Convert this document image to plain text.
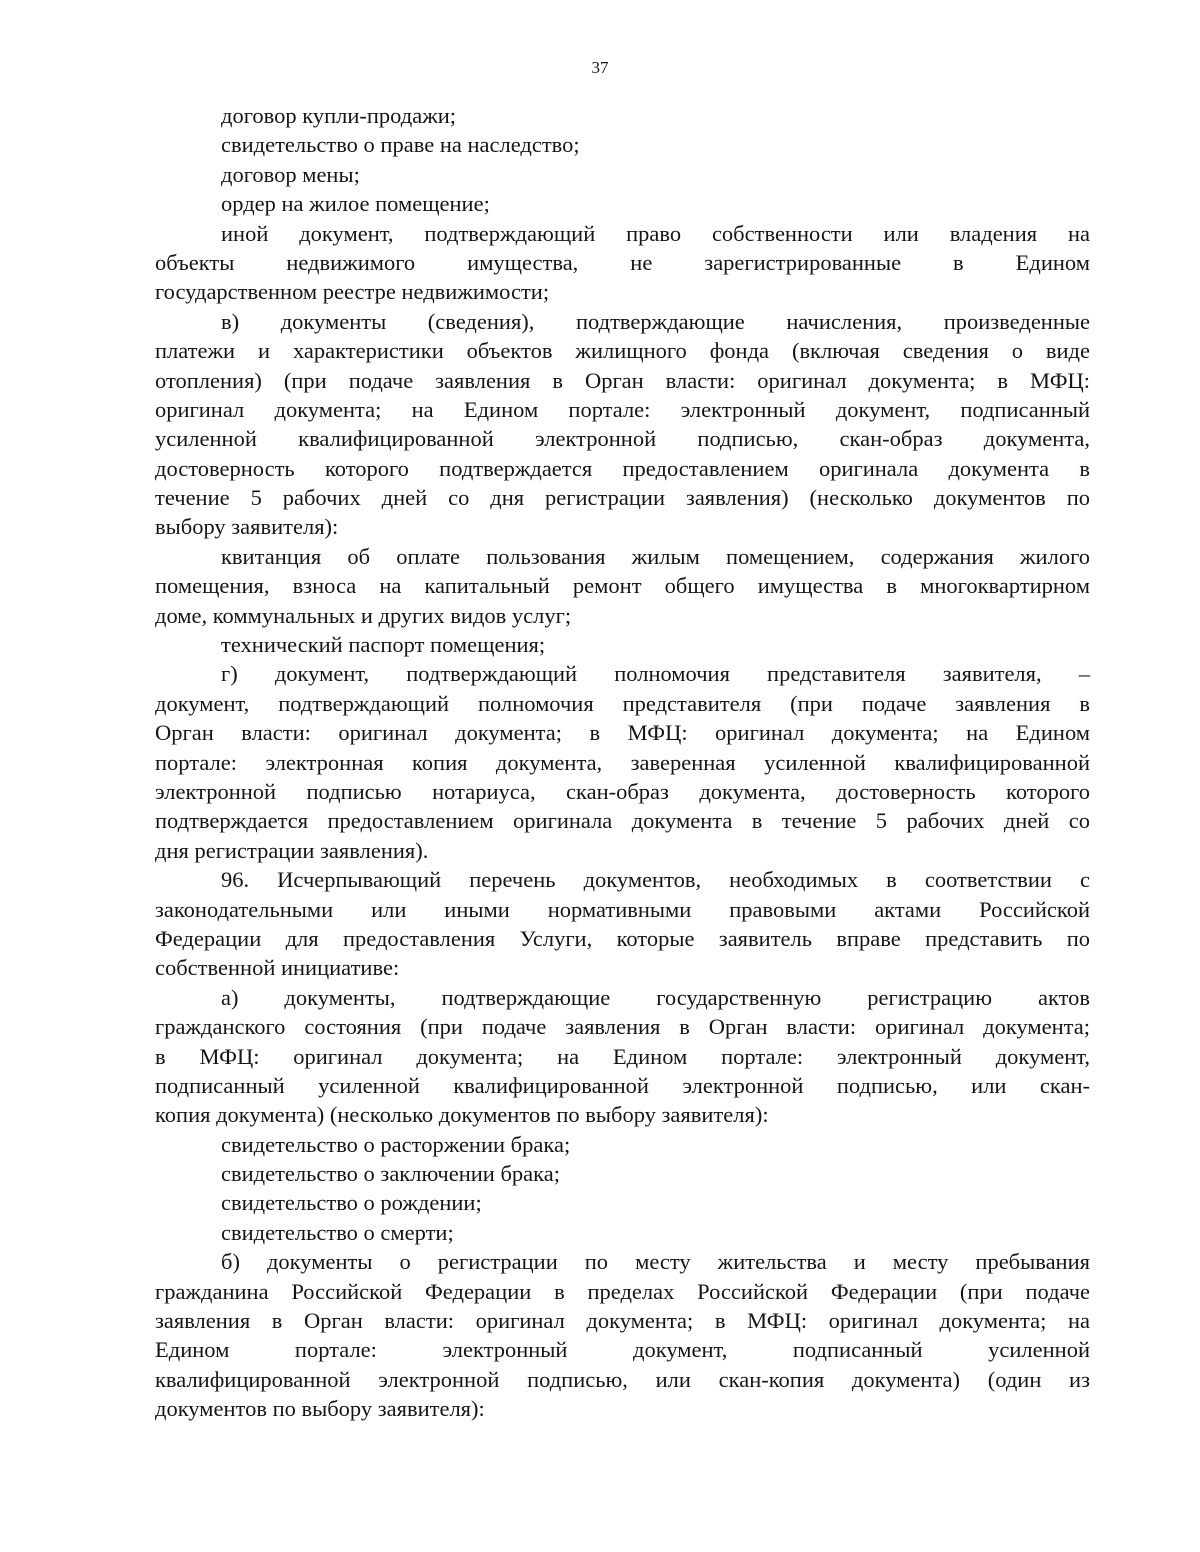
37
договор купли-продажи;
свидетельство о праве на наследство;
договор мены;
ордер на жилое помещение;
иной документ, подтверждающий право собственности или владения на
объекты недвижимого имущества, не зарегистрированные в Едином
государственном реестре недвижимости;
в) документы (сведения), подтверждающие начисления, произведенные
платежи и характеристики объектов жилищного фонда (включая сведения о виде
отопления) (при подаче заявления в Орган власти: оригинал документа; в МФЦ:
оригинал документа; на Едином портале: электронный документ, подписанный
усиленной квалифицированной электронной подписью, скан-образ документа,
достоверность которого подтверждается предоставлением оригинала документа в
течение 5 рабочих дней со дня регистрации заявления) (несколько документов по
выбору заявителя):
квитанция об оплате пользования жилым помещением, содержания жилого
помещения, взноса на капитальный ремонт общего имущества в многоквартирном
доме, коммунальных и других видов услуг;
технический паспорт помещения;
г) документ, подтверждающий полномочия представителя заявителя, –
документ, подтверждающий полномочия представителя (при подаче заявления в
Орган власти: оригинал документа; в МФЦ: оригинал документа; на Едином
портале: электронная копия документа, заверенная усиленной квалифицированной
электронной подписью нотариуса, скан-образ документа, достоверность которого
подтверждается предоставлением оригинала документа в течение 5 рабочих дней со
дня регистрации заявления).
96. Исчерпывающий перечень документов, необходимых в соответствии с
законодательными или иными нормативными правовыми актами Российской
Федерации для предоставления Услуги, которые заявитель вправе представить по
собственной инициативе:
а) документы, подтверждающие государственную регистрацию актов
гражданского состояния (при подаче заявления в Орган власти: оригинал документа;
в МФЦ: оригинал документа; на Едином портале: электронный документ,
подписанный усиленной квалифицированной электронной подписью, или скан-
копия документа) (несколько документов по выбору заявителя):
свидетельство о расторжении брака;
свидетельство о заключении брака;
свидетельство о рождении;
свидетельство о смерти;
б) документы о регистрации по месту жительства и месту пребывания
гражданина Российской Федерации в пределах Российской Федерации (при подаче
заявления в Орган власти: оригинал документа; в МФЦ: оригинал документа; на
Едином портале: электронный документ, подписанный усиленной
квалифицированной электронной подписью, или скан-копия документа) (один из
документов по выбору заявителя):
